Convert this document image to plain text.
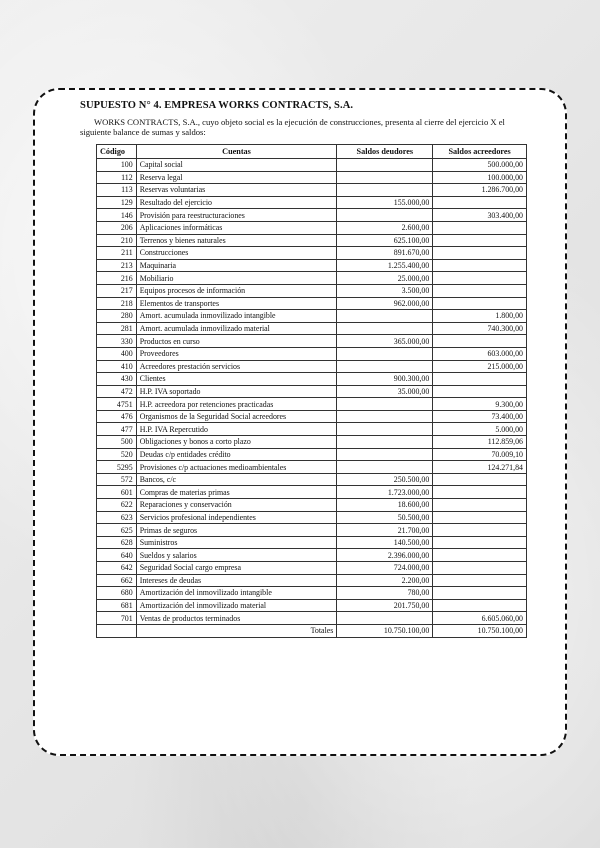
SUPUESTO N° 4. EMPRESA WORKS CONTRACTS, S.A.
WORKS CONTRACTS, S.A., cuyo objeto social es la ejecución de construcciones, presenta al cierre del ejercicio X el siguiente balance de sumas y saldos:
Código	Cuentas	Saldos deudores	Saldos acreedores
100	Capital social		500.000,00
112	Reserva legal		100.000,00
113	Reservas voluntarias		1.286.700,00
129	Resultado del ejercicio	155.000,00	
146	Provisión para reestructuraciones		303.400,00
206	Aplicaciones informáticas	2.600,00	
210	Terrenos y bienes naturales	625.100,00	
211	Construcciones	891.670,00	
213	Maquinaria	1.255.400,00	
216	Mobiliario	25.000,00	
217	Equipos procesos de información	3.500,00	
218	Elementos de transportes	962.000,00	
280	Amort. acumulada inmovilizado intangible		1.800,00
281	Amort. acumulada inmovilizado material		740.300,00
330	Productos en curso	365.000,00	
400	Proveedores		603.000,00
410	Acreedores prestación servicios		215.000,00
430	Clientes	900.300,00	
472	H.P. IVA soportado	35.000,00	
4751	H.P. acreedora por retenciones practicadas		9.300,00
476	Organismos de la Seguridad Social acreedores		73.400,00
477	H.P. IVA Repercutido		5.000,00
500	Obligaciones y bonos a corto plazo		112.859,06
520	Deudas c/p entidades crédito		70.009,10
5295	Provisiones c/p actuaciones medioambientales		124.271,84
572	Bancos, c/c	250.500,00	
601	Compras de materias primas	1.723.000,00	
622	Reparaciones y conservación	18.600,00	
623	Servicios profesional independientes	50.500,00	
625	Primas de seguros	21.700,00	
628	Suministros	140.500,00	
640	Sueldos y salarios	2.396.000,00	
642	Seguridad Social cargo empresa	724.000,00	
662	Intereses de deudas	2.200,00	
680	Amortización del inmovilizado intangible	780,00	
681	Amortización del inmovilizado material	201.750,00	
701	Ventas de productos terminados		6.605.060,00
	Totales	10.750.100,00	10.750.100,00
